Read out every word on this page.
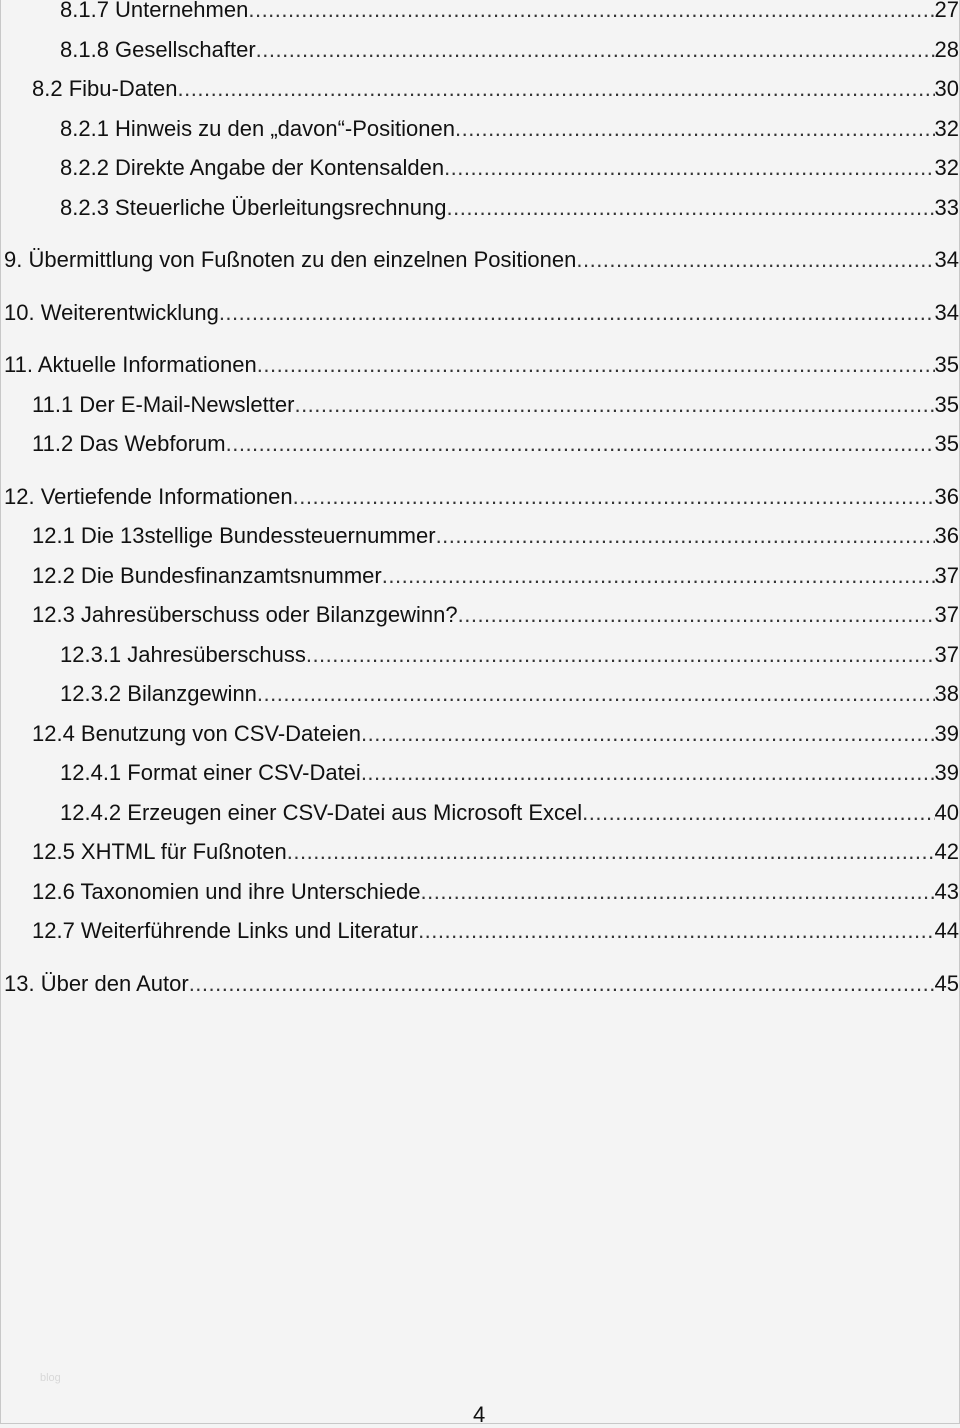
8.1.7 Unternehmen .....	27
8.1.8 Gesellschafter .....	28
8.2 Fibu-Daten .....	30
8.2.1 Hinweis zu den „davon“-Positionen .....	32
8.2.2 Direkte Angabe der Kontensalden .....	32
8.2.3 Steuerliche Überleitungsrechnung .....	33
9. Übermittlung von Fußnoten zu den einzelnen Positionen .....	34
10. Weiterentwicklung .....	34
11. Aktuelle Informationen .....	35
11.1 Der E-Mail-Newsletter .....	35
11.2 Das Webforum .....	35
12. Vertiefende Informationen .....	36
12.1 Die 13stellige Bundessteuernummer .....	36
12.2 Die Bundesfinanzamtsnummer .....	37
12.3 Jahresüberschuss oder Bilanzgewinn? .....	37
12.3.1 Jahresüberschuss .....	37
12.3.2 Bilanzgewinn .....	38
12.4 Benutzung von CSV-Dateien .....	39
12.4.1 Format einer CSV-Datei .....	39
12.4.2 Erzeugen einer CSV-Datei aus Microsoft Excel .....	40
12.5 XHTML für Fußnoten .....	42
12.6 Taxonomien und ihre Unterschiede .....	43
12.7 Weiterführende Links und Literatur .....	44
13. Über den Autor .....	45
blog
4
